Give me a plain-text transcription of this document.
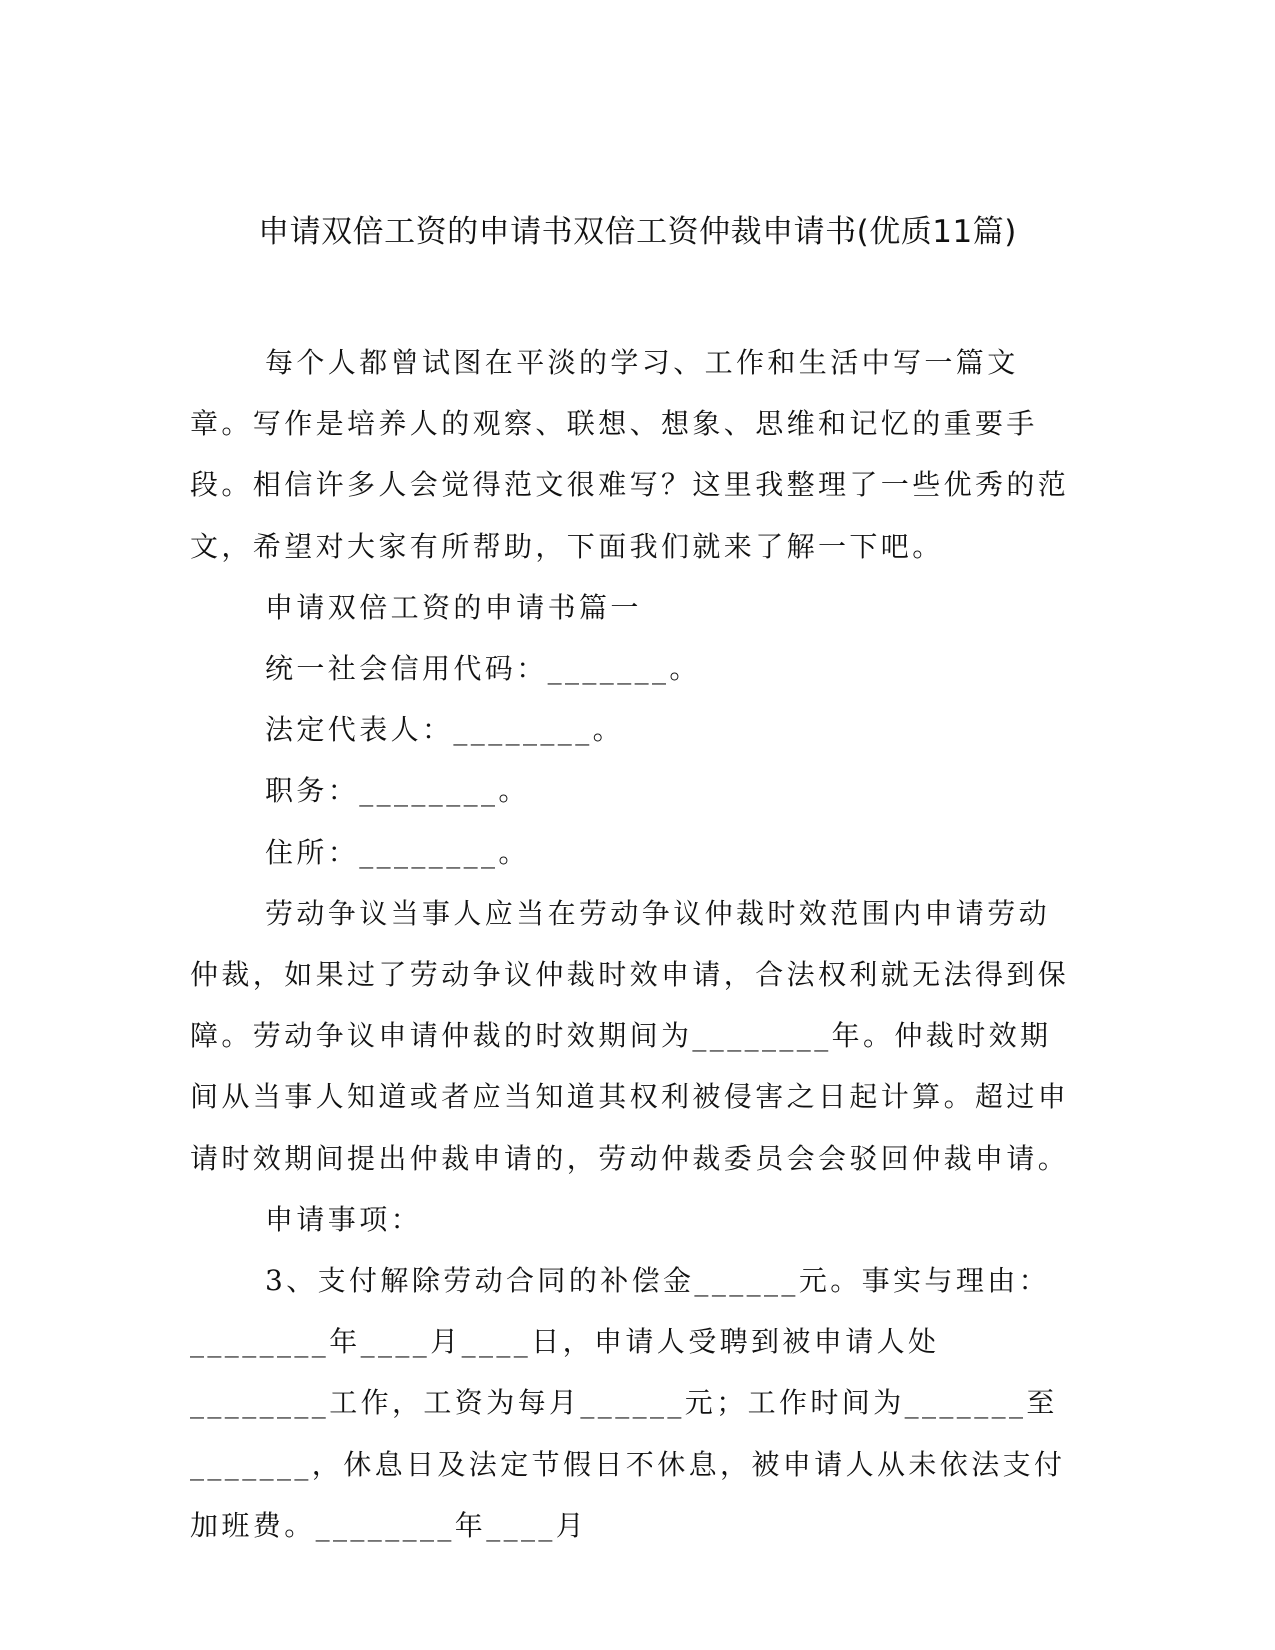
申请双倍工资的申请书双倍工资仲裁申请书(优质11篇)

每个人都曾试图在平淡的学习、工作和生活中写一篇文章。写作是培养人的观察、联想、想象、思维和记忆的重要手段。相信许多人会觉得范文很难写？这里我整理了一些优秀的范文，希望对大家有所帮助，下面我们就来了解一下吧。

申请双倍工资的申请书篇一

统一社会信用代码：_______。

法定代表人：________。

职务：________。

住所：________。

劳动争议当事人应当在劳动争议仲裁时效范围内申请劳动仲裁，如果过了劳动争议仲裁时效申请，合法权利就无法得到保障。劳动争议申请仲裁的时效期间为________年。仲裁时效期间从当事人知道或者应当知道其权利被侵害之日起计算。超过申请时效期间提出仲裁申请的，劳动仲裁委员会会驳回仲裁申请。

申请事项：

3、支付解除劳动合同的补偿金______元。事实与理由：

________年____月____日，申请人受聘到被申请人处________工作，工资为每月______元；工作时间为_______至_______，休息日及法定节假日不休息，被申请人从未依法支付加班费。________年____月
